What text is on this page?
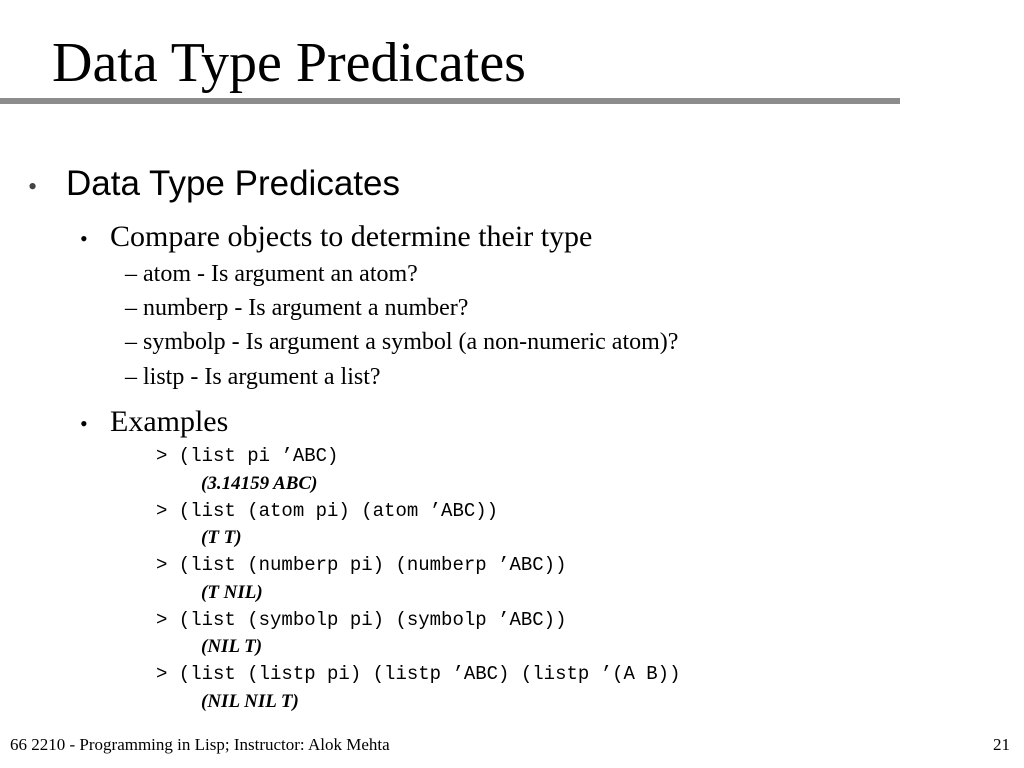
Data Type Predicates
• Data Type Predicates
• Compare objects to determine their type
– atom - Is argument an atom?
– numberp - Is argument a number?
– symbolp - Is argument a symbol (a non-numeric atom)?
– listp - Is argument a list?
• Examples
> (list pi ’ABC)
(3.14159 ABC)
> (list (atom pi) (atom ’ABC))
(T T)
> (list (numberp pi) (numberp ’ABC))
(T NIL)
> (list (symbolp pi) (symbolp ’ABC))
(NIL T)
> (list (listp pi) (listp ’ABC) (listp ’(A B))
(NIL NIL T)
66 2210 - Programming in Lisp; Instructor: Alok Mehta	21
